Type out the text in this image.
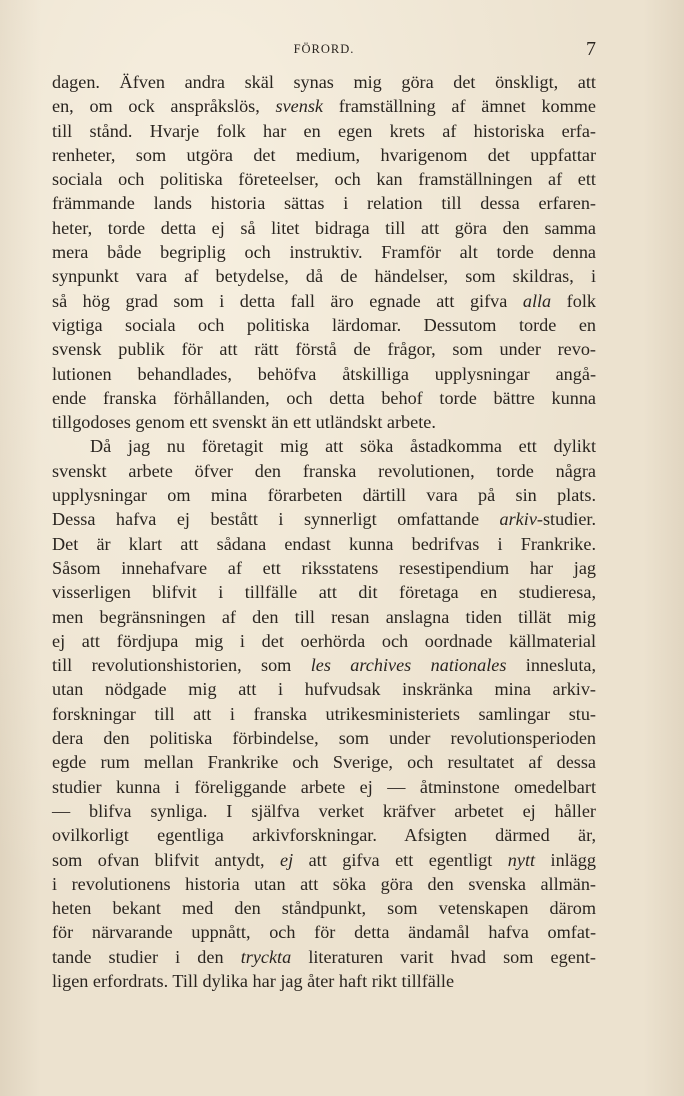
FÖRORD.	7
dagen. Äfven andra skäl synas mig göra det önskligt, att
en, om ock anspråkslös, svensk framställning af ämnet komme
till stånd. Hvarje folk har en egen krets af historiska erfa-
renheter, som utgöra det medium, hvarigenom det uppfattar
sociala och politiska företeelser, och kan framställningen af ett
främmande lands historia sättas i relation till dessa erfaren-
heter, torde detta ej så litet bidraga till att göra den samma
mera både begriplig och instruktiv. Framför alt torde denna
synpunkt vara af betydelse, då de händelser, som skildras, i
så hög grad som i detta fall äro egnade att gifva alla folk
vigtiga sociala och politiska lärdomar. Dessutom torde en
svensk publik för att rätt förstå de frågor, som under revo-
lutionen behandlades, behöfva åtskilliga upplysningar angå-
ende franska förhållanden, och detta behof torde bättre kunna
tillgodoses genom ett svenskt än ett utländskt arbete.
Då jag nu företagit mig att söka åstadkomma ett dylikt
svenskt arbete öfver den franska revolutionen, torde några
upplysningar om mina förarbeten därtill vara på sin plats.
Dessa hafva ej bestått i synnerligt omfattande arkiv-studier.
Det är klart att sådana endast kunna bedrifvas i Frankrike.
Såsom innehafvare af ett riksstatens resestipendium har jag
visserligen blifvit i tillfälle att dit företaga en studieresa,
men begränsningen af den till resan anslagna tiden tillät mig
ej att fördjupa mig i det oerhörda och oordnade källmaterial
till revolutionshistorien, som les archives nationales inneslutа,
utan nödgade mig att i hufvudsak inskränka mina arkiv-
forskningar till att i franska utrikesministeriets samlingar stu-
dera den politiska förbindelse, som under revolutionsperioden
egde rum mellan Frankrike och Sverige, och resultatet af dessa
studier kunna i föreliggande arbete ej — åtminstone omedelbart
— blifva synliga. I själfva verket kräfver arbetet ej håller
ovilkorligt egentliga arkivforskningar. Afsigten därmed är,
som ofvan blifvit antydt, ej att gifva ett egentligt nytt inlägg
i revolutionens historia utan att söka göra den svenska allmän-
heten bekant med den ståndpunkt, som vetenskapen därom
för närvarande uppnått, och för detta ändamål hafva omfat-
tande studier i den tryckta literaturen varit hvad som egent-
ligen erfordrats. Till dylika har jag åter haft rikt tillfälle
